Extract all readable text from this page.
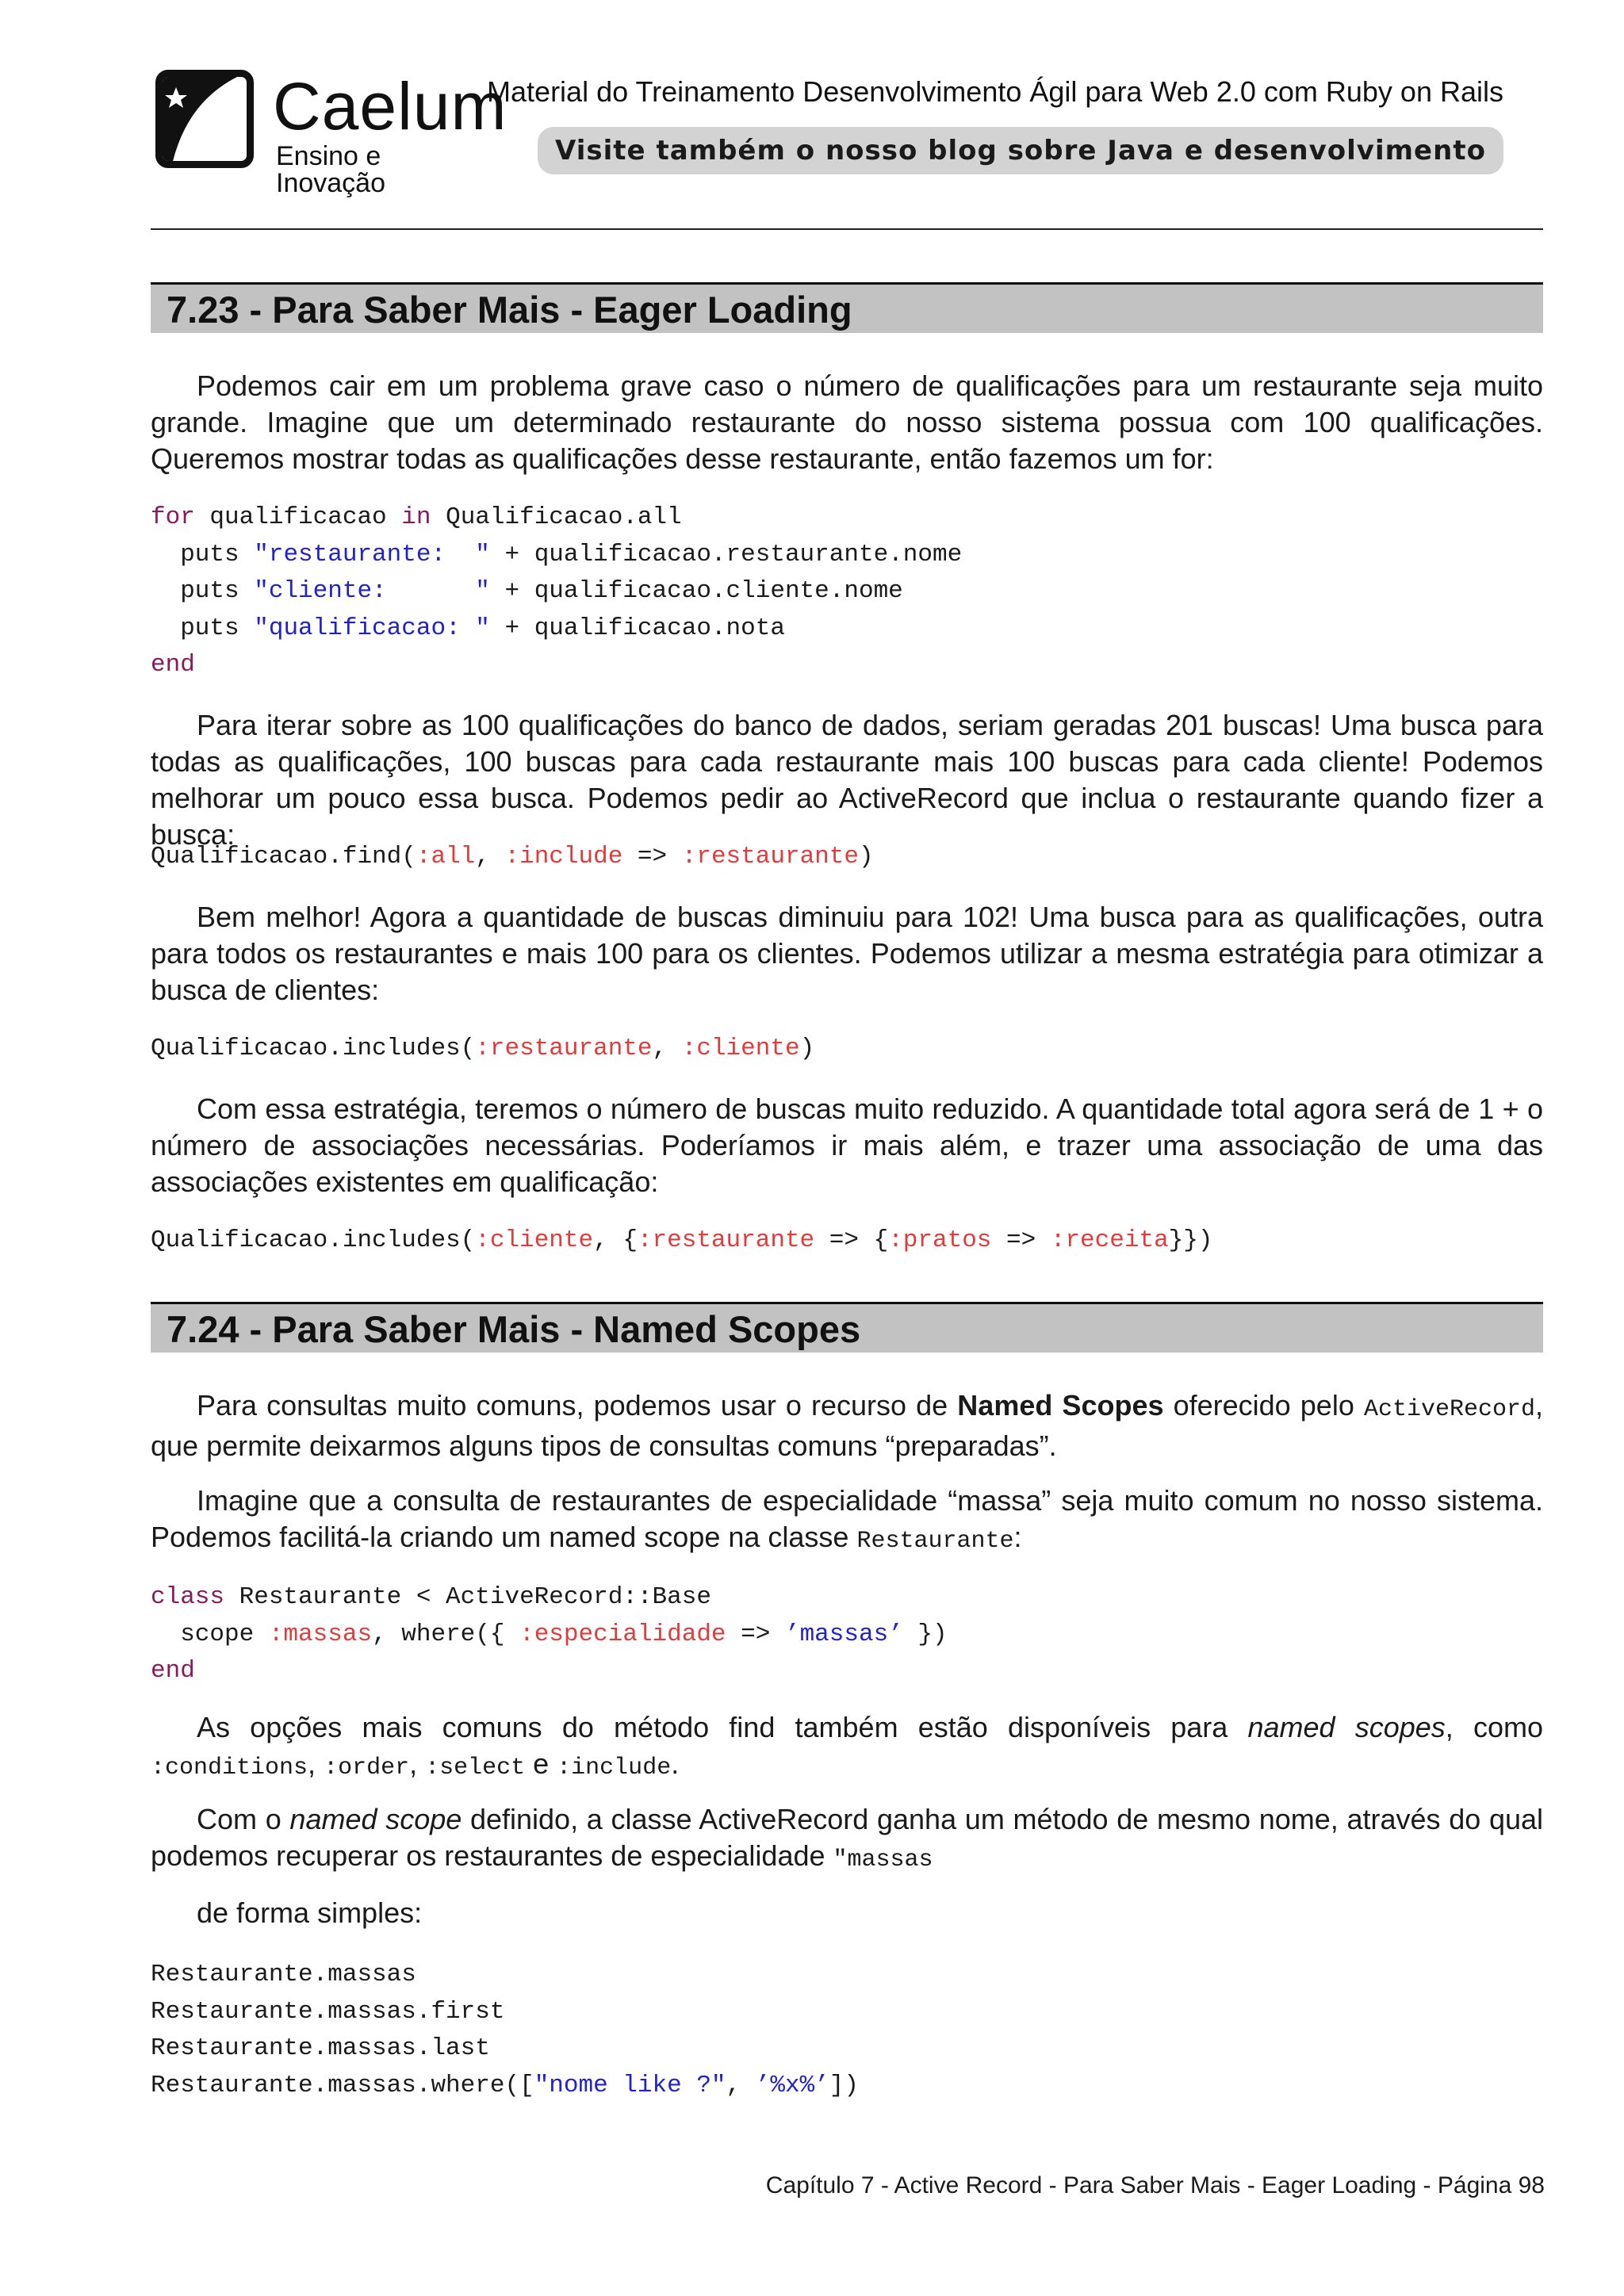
Caelum
Ensino e Inovação
Material do Treinamento Desenvolvimento Ágil para Web 2.0 com Ruby on Rails
Visite também o nosso blog sobre Java e desenvolvimento
7.23 - Para Saber Mais - Eager Loading

Podemos cair em um problema grave caso o número de qualificações para um restaurante seja muito grande. Imagine que um determinado restaurante do nosso sistema possua com 100 qualificações. Queremos mostrar todas as qualificações desse restaurante, então fazemos um for:

for qualificacao in Qualificacao.all
puts "restaurante:  " + qualificacao.restaurante.nome
puts "cliente:      " + qualificacao.cliente.nome
puts "qualificacao: " + qualificacao.nota
end

Para iterar sobre as 100 qualificações do banco de dados, seriam geradas 201 buscas! Uma busca para todas as qualificações, 100 buscas para cada restaurante mais 100 buscas para cada cliente! Podemos melhorar um pouco essa busca. Podemos pedir ao ActiveRecord que inclua o restaurante quando fizer a busca:

Qualificacao.find(:all, :include => :restaurante)

Bem melhor! Agora a quantidade de buscas diminuiu para 102! Uma busca para as qualificações, outra para todos os restaurantes e mais 100 para os clientes. Podemos utilizar a mesma estratégia para otimizar a busca de clientes:

Qualificacao.includes(:restaurante, :cliente)

Com essa estratégia, teremos o número de buscas muito reduzido. A quantidade total agora será de 1 + o número de associações necessárias. Poderíamos ir mais além, e trazer uma associação de uma das associações existentes em qualificação:

Qualificacao.includes(:cliente, {:restaurante => {:pratos => :receita}})
7.24 - Para Saber Mais - Named Scopes

Para consultas muito comuns, podemos usar o recurso de Named Scopes oferecido pelo ActiveRecord, que permite deixarmos alguns tipos de consultas comuns “preparadas”.

Imagine que a consulta de restaurantes de especialidade “massa” seja muito comum no nosso sistema. Podemos facilitá-la criando um named scope na classe Restaurante:

class Restaurante < ActiveRecord::Base
scope :massas, where({ :especialidade => ’massas’ })
end

As opções mais comuns do método find também estão disponíveis para named scopes, como :conditions, :order, :select e :include.

Com o named scope definido, a classe ActiveRecord ganha um método de mesmo nome, através do qual podemos recuperar os restaurantes de especialidade "massas

de forma simples:

Restaurante.massas
Restaurante.massas.first
Restaurante.massas.last
Restaurante.massas.where(["nome like ?", ’%x%’])
Capítulo 7 - Active Record - Para Saber Mais - Eager Loading - Página 98
